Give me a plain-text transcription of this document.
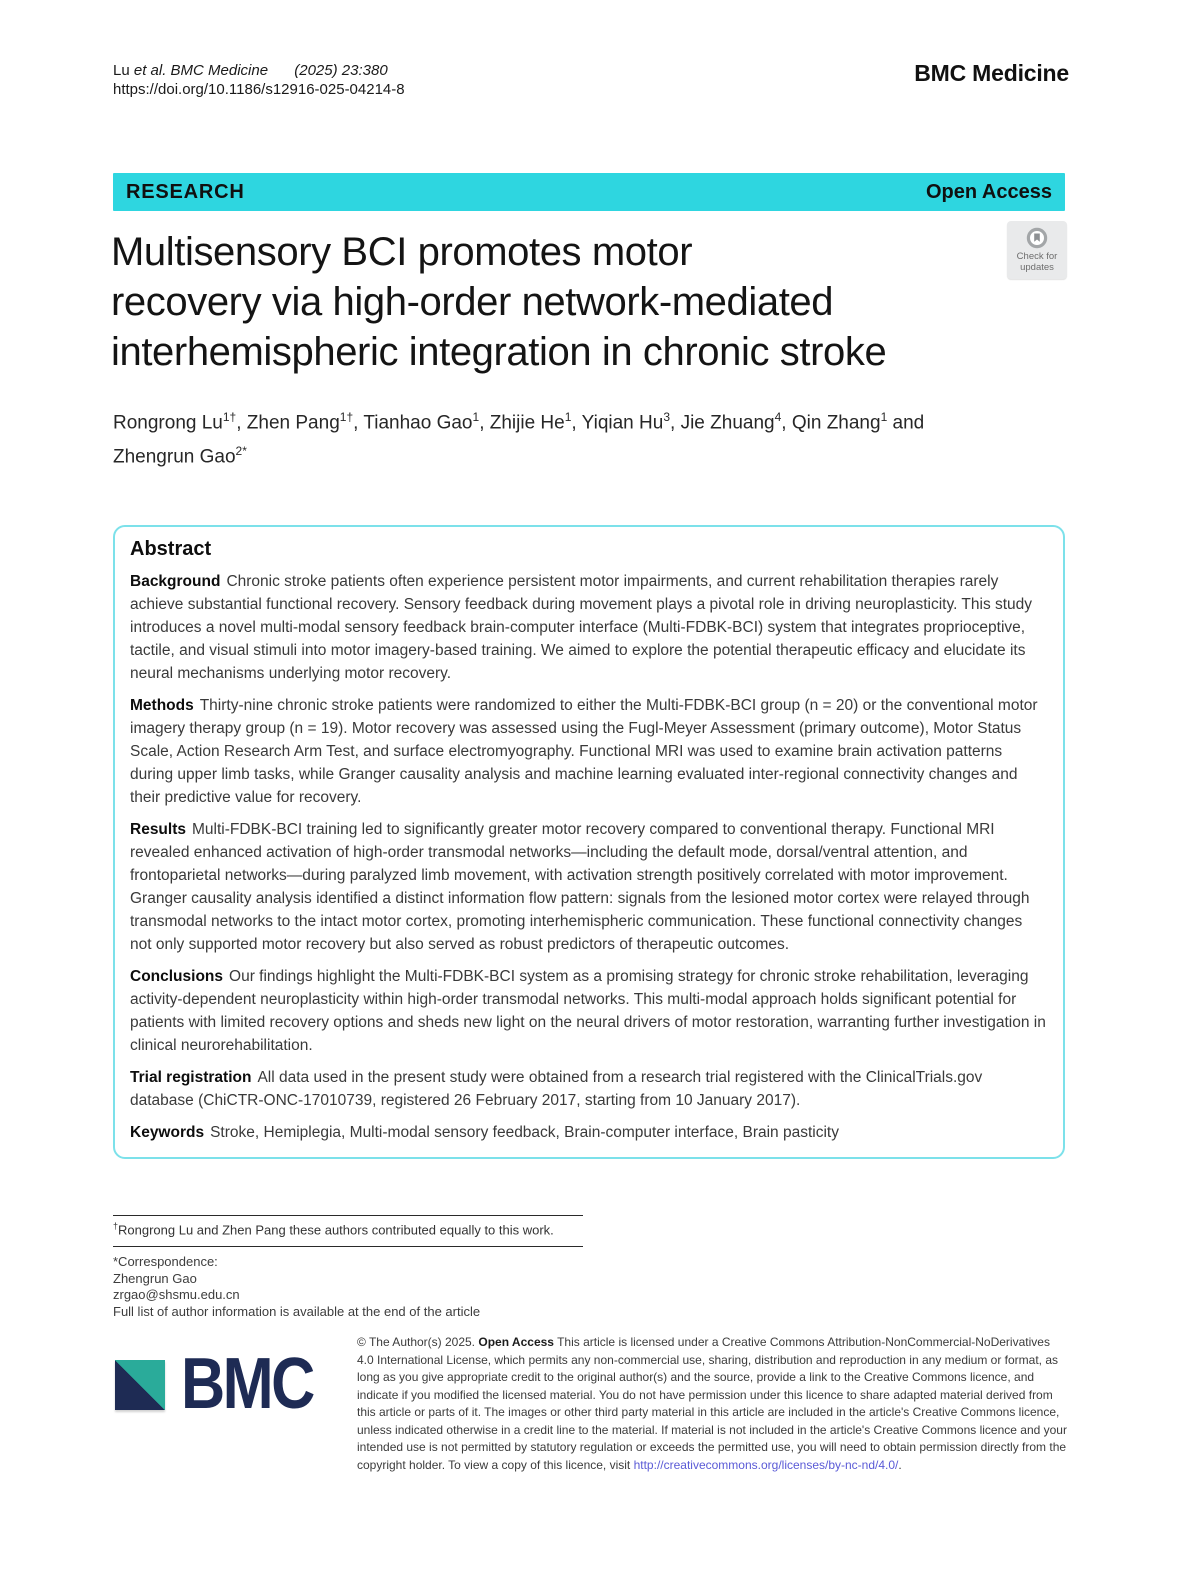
Lu et al. BMC Medicine (2025) 23:380
https://doi.org/10.1186/s12916-025-04214-8
BMC Medicine
RESEARCH	Open Access
Check for
updates
Multisensory BCI promotes motor
recovery via high-order network-mediated
interhemispheric integration in chronic stroke
Rongrong $Lu^{1\dagger}$, Zhen Pang$^{1\dagger}$, Tianhao Gao$^1$, Zhijie He$^1$, Yiqian Hu$^3$, Jie Zhuang$^4$, Qin Zhang$^1$ and Zhengrun Gao$^{2*}$
Abstract

Background Chronic stroke patients often experience persistent motor impairments, and current rehabilitation therapies rarely achieve substantial functional recovery. Sensory feedback during movement plays a pivotal role in driving neuroplasticity. This study introduces a novel multi-modal sensory feedback brain-computer interface (Multi-FDBK-BCI) system that integrates proprioceptive, tactile, and visual stimuli into motor imagery-based training. We aimed to explore the potential therapeutic efficacy and elucidate its neural mechanisms underlying motor recovery.

Methods Thirty-nine chronic stroke patients were randomized to either the Multi-FDBK-BCI group (n = 20) or the conventional motor imagery therapy group (n = 19). Motor recovery was assessed using the Fugl-Meyer Assessment (primary outcome), Motor Status Scale, Action Research Arm Test, and surface electromyography. Functional MRI was used to examine brain activation patterns during upper limb tasks, while Granger causality analysis and machine learning evaluated inter-regional connectivity changes and their predictive value for recovery.

Results Multi-FDBK-BCI training led to significantly greater motor recovery compared to conventional therapy. Functional MRI revealed enhanced activation of high-order transmodal networks—including the default mode, dorsal/ventral attention, and frontoparietal networks—during paralyzed limb movement, with activation strength positively correlated with motor improvement. Granger causality analysis identified a distinct information flow pattern: signals from the lesioned motor cortex were relayed through transmodal networks to the intact motor cortex, promoting interhemispheric communication. These functional connectivity changes not only supported motor recovery but also served as robust predictors of therapeutic outcomes.

Conclusions Our findings highlight the Multi-FDBK-BCI system as a promising strategy for chronic stroke rehabilitation, leveraging activity-dependent neuroplasticity within high-order transmodal networks. This multi-modal approach holds significant potential for patients with limited recovery options and sheds new light on the neural drivers of motor restoration, warranting further investigation in clinical neurorehabilitation.

Trial registration All data used in the present study were obtained from a research trial registered with the ClinicalTrials.gov database (ChiCTR-ONC-17010739, registered 26 February 2017, starting from 10 January 2017).

Keywords Stroke, Hemiplegia, Multi-modal sensory feedback, Brain-computer interface, Brain pasticity

†Rongrong Lu and Zhen Pang these authors contributed equally to this work.
*Correspondence:
Zhengrun Gao
zrgao@shsmu.edu.cn
Full list of author information is available at the end of the article
BMC

© The Author(s) 2025. Open Access This article is licensed under a Creative Commons Attribution-NonCommercial-NoDerivatives 4.0 International License, which permits any non-commercial use, sharing, distribution and reproduction in any medium or format, as long as you give appropriate credit to the original author(s) and the source, provide a link to the Creative Commons licence, and indicate if you modified the licensed material. You do not have permission under this licence to share adapted material derived from this article or parts of it. The images or other third party material in this article are included in the article's Creative Commons licence, unless indicated otherwise in a credit line to the material. If material is not included in the article's Creative Commons licence and your intended use is not permitted by statutory regulation or exceeds the permitted use, you will need to obtain permission directly from the copyright holder. To view a copy of this licence, visit http://creativecommons.org/licenses/by-nc-nd/4.0/.
